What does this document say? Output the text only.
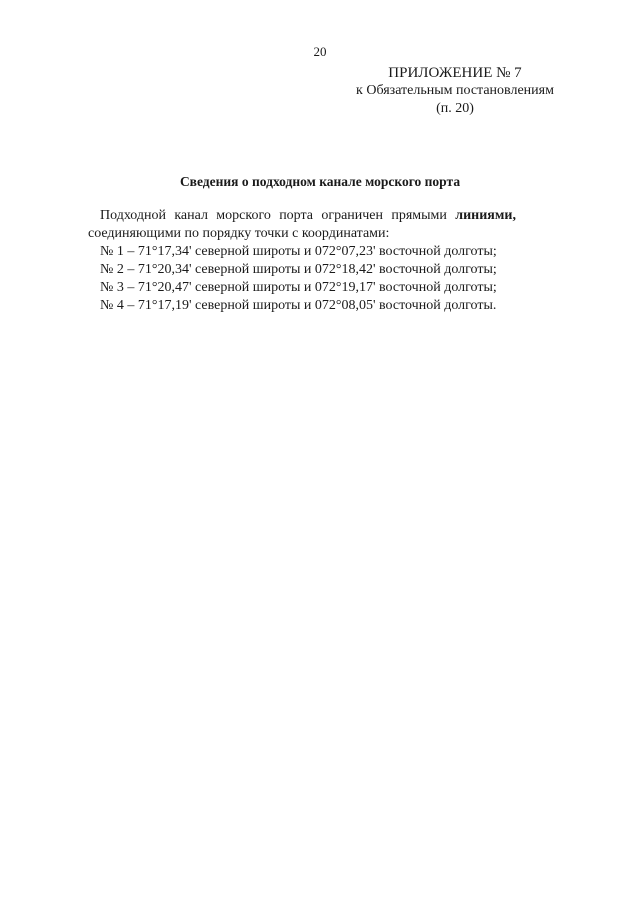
20
ПРИЛОЖЕНИЕ № 7
к Обязательным постановлениям
(п. 20)
Сведения о подходном канале морского порта
Подходной канал морского порта ограничен прямыми линиями,
соединяющими по порядку точки с координатами:
№ 1 – 71°17,34' северной широты и 072°07,23' восточной долготы;
№ 2 – 71°20,34' северной широты и 072°18,42' восточной долготы;
№ 3 – 71°20,47' северной широты и 072°19,17' восточной долготы;
№ 4 – 71°17,19' северной широты и 072°08,05' восточной долготы.
